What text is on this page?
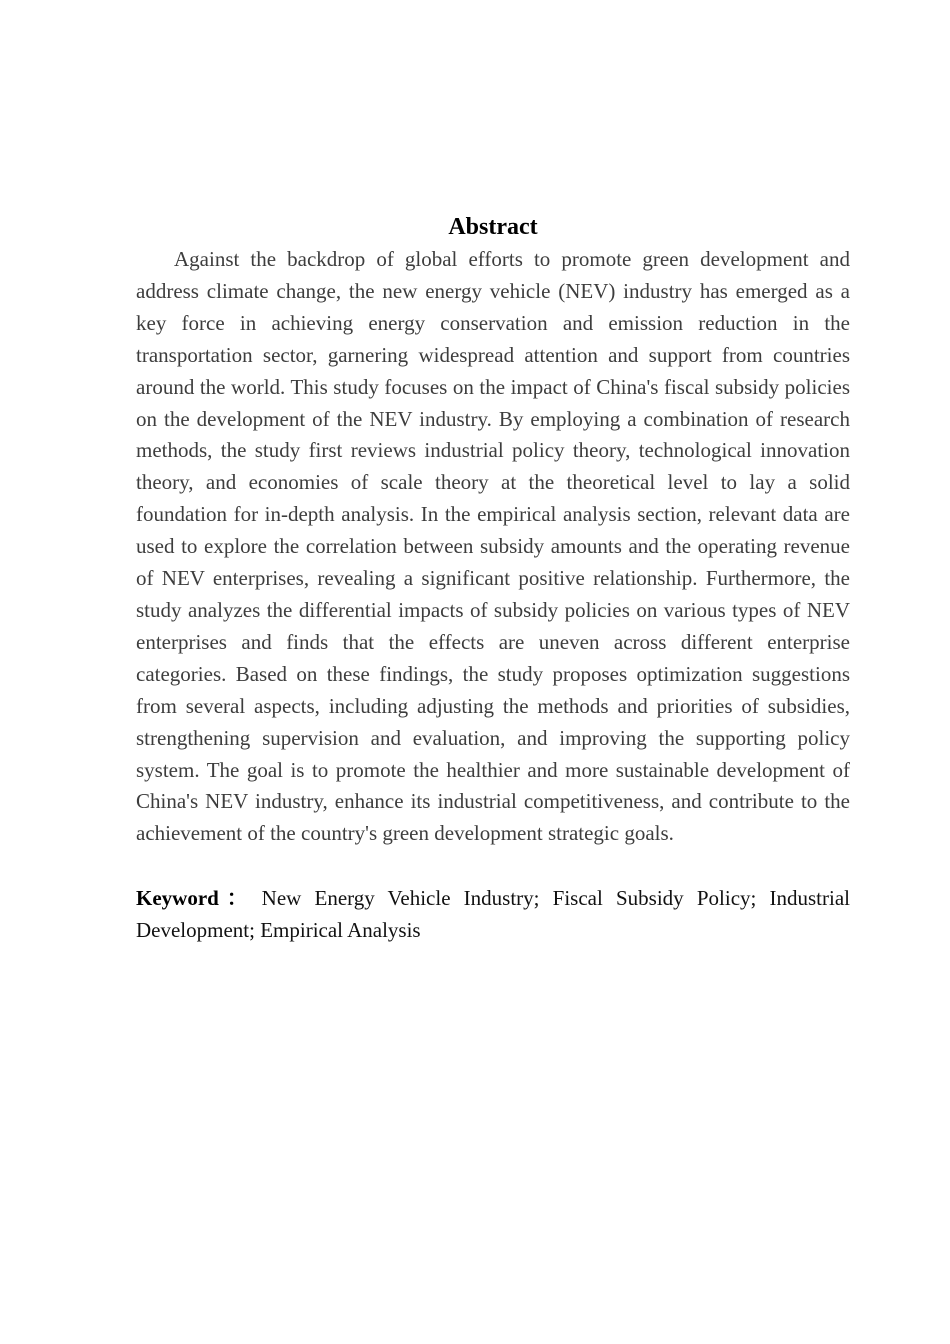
Abstract

Against the backdrop of global efforts to promote green development and address climate change, the new energy vehicle (NEV) industry has emerged as a key force in achieving energy conservation and emission reduction in the transportation sector, garnering widespread attention and support from countries around the world. This study focuses on the impact of China's fiscal subsidy policies on the development of the NEV industry. By employing a combination of research methods, the study first reviews industrial policy theory, technological innovation theory, and economies of scale theory at the theoretical level to lay a solid foundation for in-depth analysis. In the empirical analysis section, relevant data are used to explore the correlation between subsidy amounts and the operating revenue of NEV enterprises, revealing a significant positive relationship. Furthermore, the study analyzes the differential impacts of subsidy policies on various types of NEV enterprises and finds that the effects are uneven across different enterprise categories. Based on these findings, the study proposes optimization suggestions from several aspects, including adjusting the methods and priorities of subsidies, strengthening supervision and evaluation, and improving the supporting policy system. The goal is to promote the healthier and more sustainable development of China's NEV industry, enhance its industrial competitiveness, and contribute to the achievement of the country's green development strategic goals.

Keyword： New Energy Vehicle Industry; Fiscal Subsidy Policy; Industrial Development; Empirical Analysis
